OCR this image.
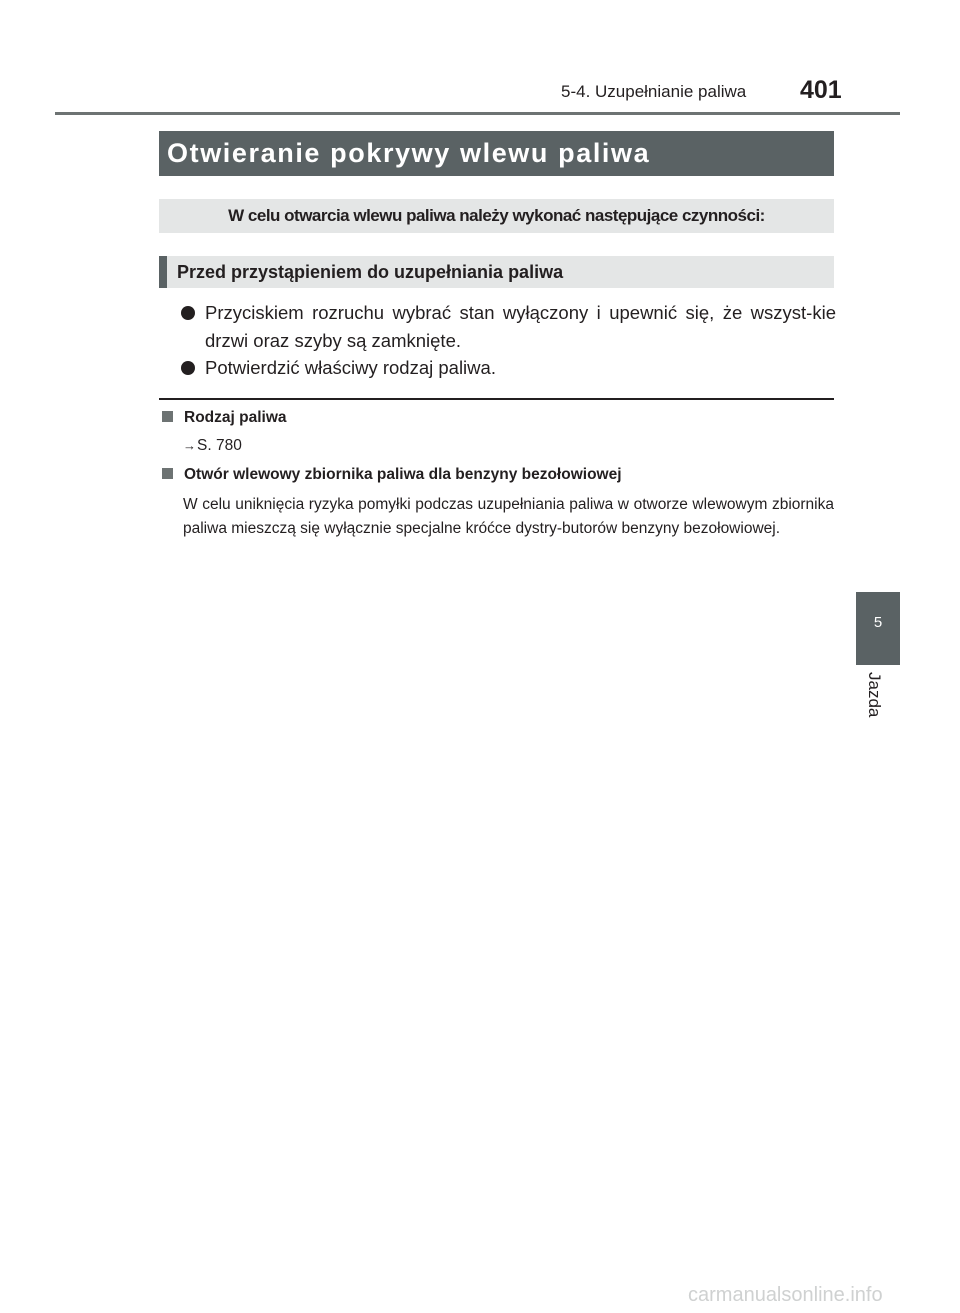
5-4. Uzupełnianie paliwa 401
Otwieranie pokrywy wlewu paliwa
W celu otwarcia wlewu paliwa należy wykonać następujące czynności:
Przed przystąpieniem do uzupełniania paliwa
Przyciskiem rozruchu wybrać stan wyłączony i upewnić się, że wszyst-kie drzwi oraz szyby są zamknięte.
Potwierdzić właściwy rodzaj paliwa.
Rodzaj paliwa
→S. 780
Otwór wlewowy zbiornika paliwa dla benzyny bezołowiowej
W celu uniknięcia ryzyka pomyłki podczas uzupełniania paliwa w otworze wlewowym zbiornika paliwa mieszczą się wyłącznie specjalne króćce dystry-butorów benzyny bezołowiowej.
5
Jazda
carmanualsonline.info
